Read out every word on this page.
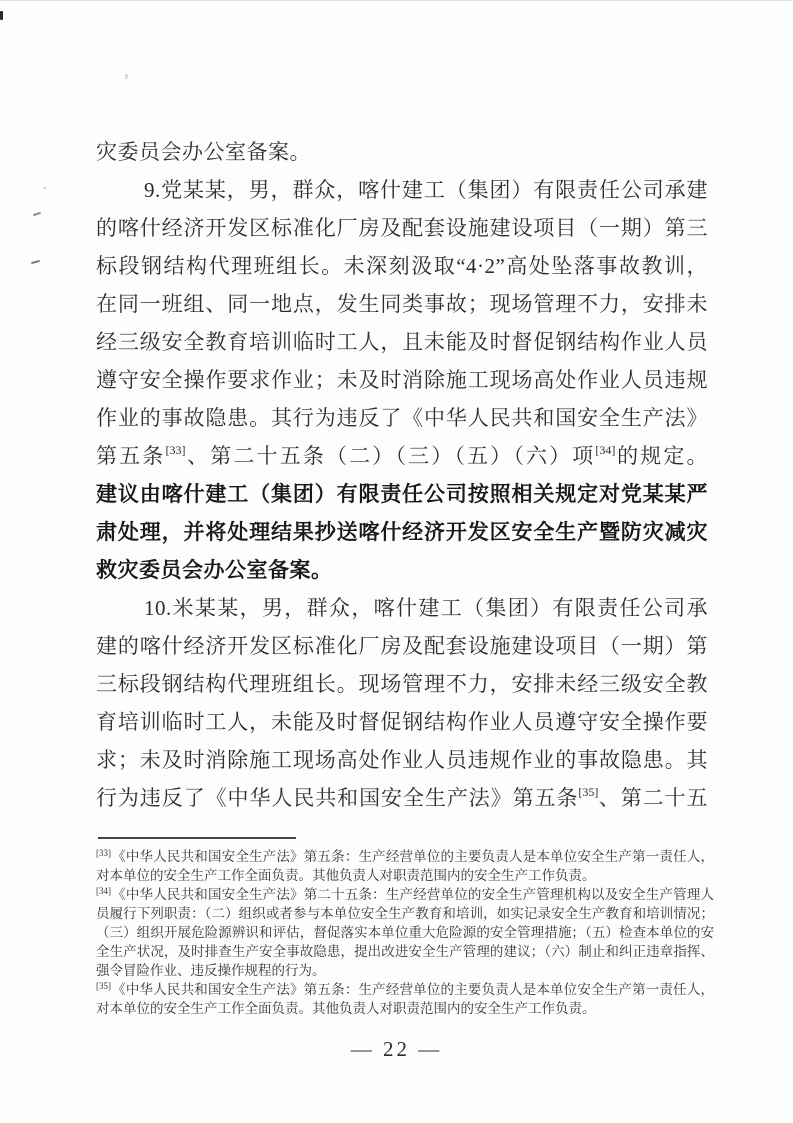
灾委员会办公室备案。
9.党某某，男，群众，喀什建工（集团）有限责任公司承建
的喀什经济开发区标准化厂房及配套设施建设项目（一期）第三
标段钢结构代理班组长。未深刻汲取“4·2”高处坠落事故教训，
在同一班组、同一地点，发生同类事故；现场管理不力，安排未
经三级安全教育培训临时工人，且未能及时督促钢结构作业人员
遵守安全操作要求作业；未及时消除施工现场高处作业人员违规
作业的事故隐患。其行为违反了《中华人民共和国安全生产法》
第五条[33]、第二十五条（二）（三）（五）（六）项[34]的规定。
建议由喀什建工（集团）有限责任公司按照相关规定对党某某严
肃处理，并将处理结果抄送喀什经济开发区安全生产暨防灾减灾
救灾委员会办公室备案。
10.米某某，男，群众，喀什建工（集团）有限责任公司承
建的喀什经济开发区标准化厂房及配套设施建设项目（一期）第
三标段钢结构代理班组长。现场管理不力，安排未经三级安全教
育培训临时工人，未能及时督促钢结构作业人员遵守安全操作要
求；未及时消除施工现场高处作业人员违规作业的事故隐患。其
行为违反了《中华人民共和国安全生产法》第五条[35]、第二十五
[33]《中华人民共和国安全生产法》第五条：生产经营单位的主要负责人是本单位安全生产第一责任人，对本单位的安全生产工作全面负责。其他负责人对职责范围内的安全生产工作负责。
[34]《中华人民共和国安全生产法》第二十五条：生产经营单位的安全生产管理机构以及安全生产管理人员履行下列职责：（二）组织或者参与本单位安全生产教育和培训，如实记录安全生产教育和培训情况；（三）组织开展危险源辨识和评估，督促落实本单位重大危险源的安全管理措施；（五）检查本单位的安全生产状况，及时排查生产安全事故隐患，提出改进安全生产管理的建议；（六）制止和纠正违章指挥、强令冒险作业、违反操作规程的行为。
[35]《中华人民共和国安全生产法》第五条：生产经营单位的主要负责人是本单位安全生产第一责任人，对本单位的安全生产工作全面负责。其他负责人对职责范围内的安全生产工作负责。
— 22 —
